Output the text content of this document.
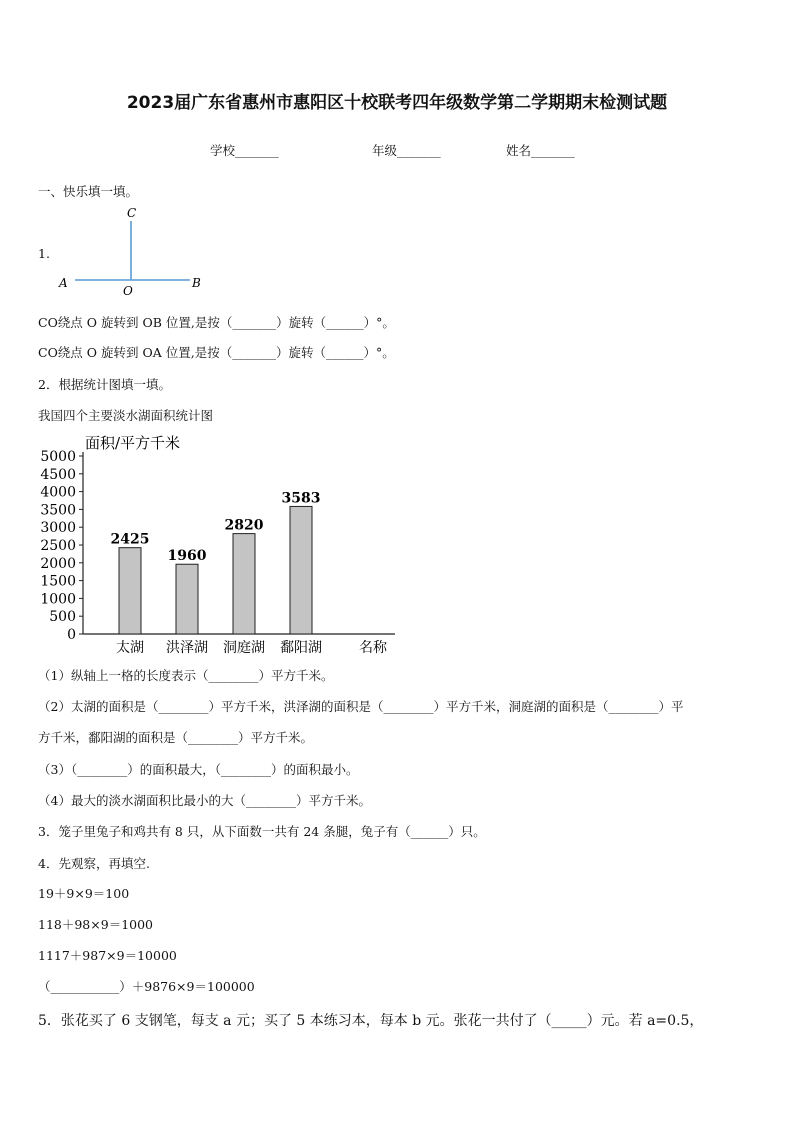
2023届广东省惠州市惠阳区十校联考四年级数学第二学期期末检测试题
学校_______	年级_______	姓名_______
一、快乐填一填。
1.
C
A
O
B
CO绕点 O 旋转到 OB 位置,是按（_______）旋转（______）°。
CO绕点 O 旋转到 OA 位置,是按（_______）旋转（______）°。
2．根据统计图填一填。
我国四个主要淡水湖面积统计图
0
500
1000
1500
2000
2500
3000
3500
4000
4500
5000
面积/平方千米
2425
太湖
1960
洪泽湖
2820
洞庭湖
3583
鄱阳湖	名称
（1）纵轴上一格的长度表示（________）平方千米。
（2）太湖的面积是（________）平方千米，洪泽湖的面积是（________）平方千米，洞庭湖的面积是（________）平
方千米，鄱阳湖的面积是（________）平方千米。
（3）（________）的面积最大，（________）的面积最小。
（4）最大的淡水湖面积比最小的大（________）平方千米。
3．笼子里兔子和鸡共有 8 只，从下面数一共有 24 条腿，兔子有（______）只。
4．先观察，再填空.
19＋9×9＝100
118＋98×9＝1000
1117＋987×9＝10000
（___________）＋9876×9＝100000
5．张花买了 6 支钢笔，每支 a 元；买了 5 本练习本，每本 b 元。张花一共付了（_____）元。若 a=0.5，
